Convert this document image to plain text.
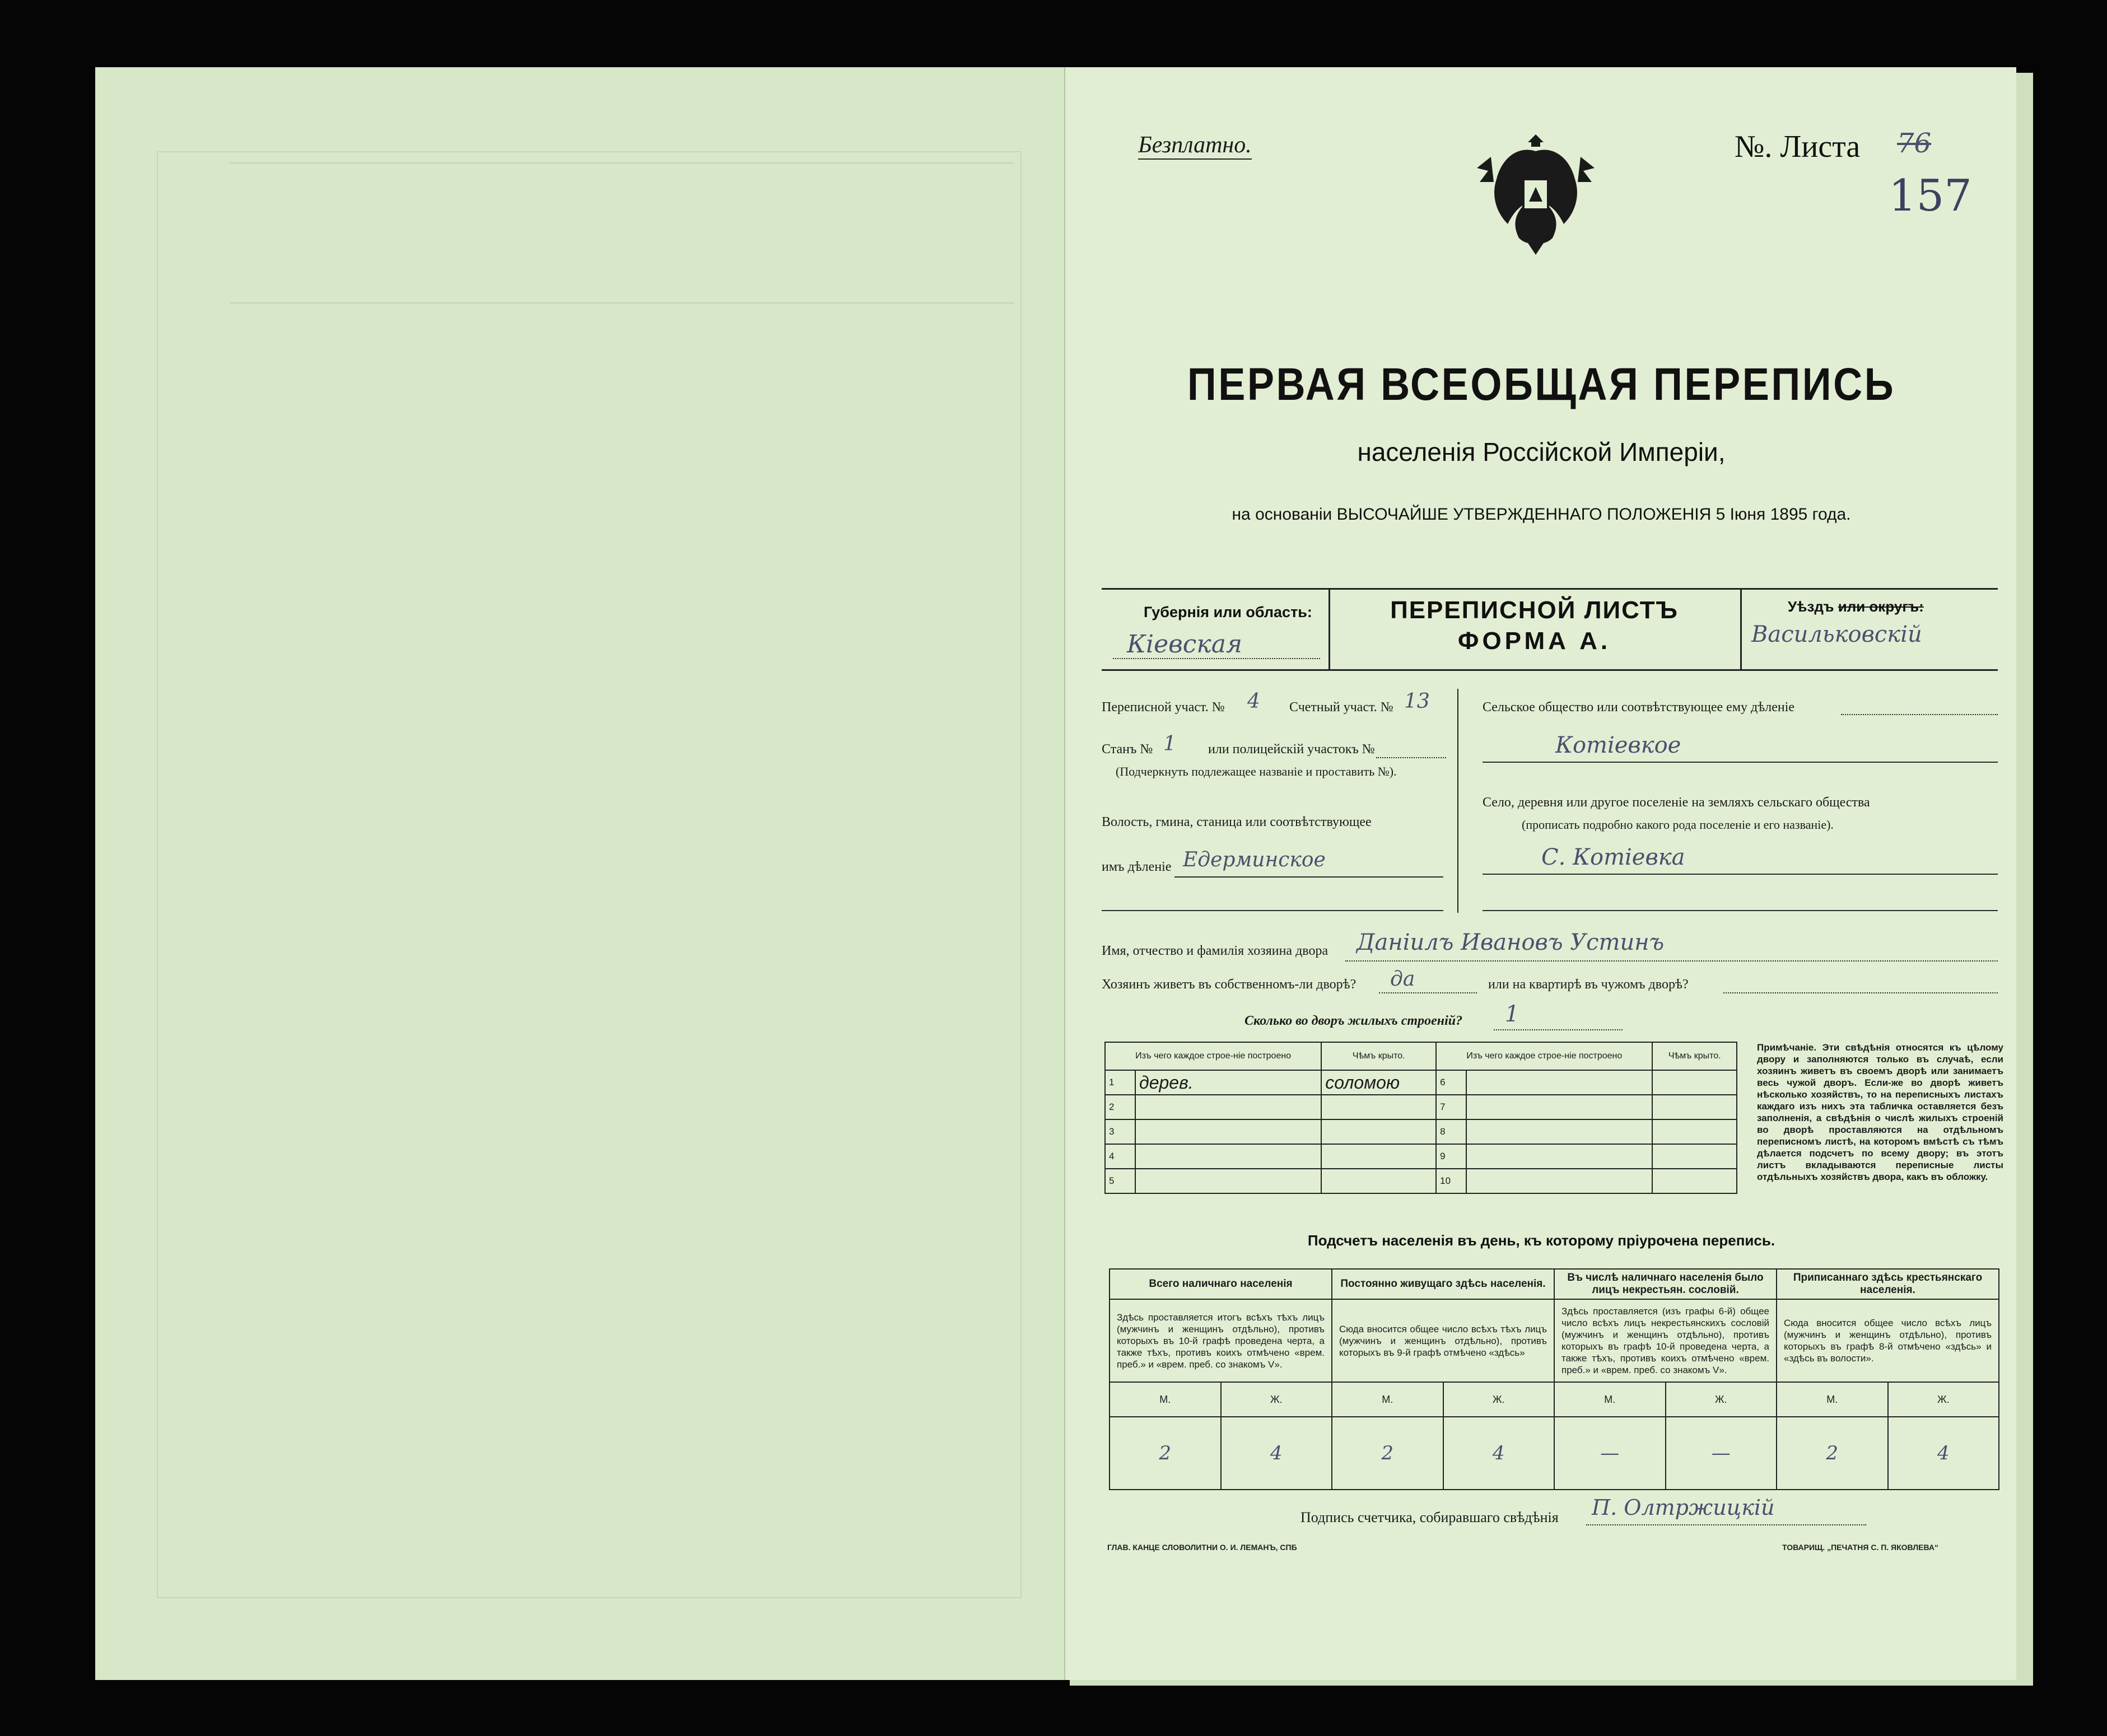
Безплатно.	№. Листа 76
157
ПЕРВАЯ ВСЕОБЩАЯ ПЕРЕПИСЬ
населенія Россійской Имперіи,
на основаніи ВЫСОЧАЙШЕ УТВЕРЖДЕННАГО ПОЛОЖЕНІЯ 5 Іюня 1895 года.
Губернія или область:
Кіевская
ПЕРЕПИСНОЙ ЛИСТЪ
ФОРМА А.
Уѣздъ или округъ:
Васильковскій
Переписной участ. № 4 Счетный участ. № 13
Станъ № 1 или полицейскій участокъ №
(Подчеркнуть подлежащее названіе и проставить №).
Волость, гмина, станица или соотвѣтствующее
имъ дѣленіе Едерминское
Сельское общество или соотвѣтствующее ему дѣленіе
Котіевкое
Село, деревня или другое поселеніе на земляхъ сельскаго общества
(прописать подробно какого рода поселеніе и его названіе).
С. Котіевка
Имя, отчество и фамилія хозяина двора Даніилъ Ивановъ Устинъ
Хозяинъ живетъ въ собственномъ-ли дворѣ? да	или на квартирѣ въ чужомъ дворѣ?
Сколько во дворъ жилыхъ строеній? 1
Изъ чего каждое строе-ніе построено		Чѣмъ крыто.	Изъ чего каждое строе-ніе построено		Чѣмъ крыто.
1	дерев.	соломою	6		
2			7		
3			8		
4			9		
5			10		
Примѣчаніе. Эти свѣдѣнія относятся къ цѣлому двору и заполняются только въ случаѣ, если хозяинъ живетъ въ своемъ дворѣ или занимаетъ весь чужой дворъ. Если-же во дворѣ живетъ нѣсколько хозяйствъ, то на переписныхъ листахъ каждаго изъ нихъ эта табличка оставляется безъ заполненія, а свѣдѣнія о числѣ жилыхъ строеній во дворѣ проставляются на отдѣльномъ переписномъ листѣ, на которомъ вмѣстѣ съ тѣмъ дѣлается подсчетъ по всему двору; въ этотъ листъ вкладываются переписные листы отдѣльныхъ хозяйствъ двора, какъ въ обложку.
Подсчетъ населенія въ день, къ которому пріурочена перепись.
Всего наличнаго населенія		Постоянно живущаго здѣсь населенія.		Въ числѣ наличнаго населенія было лицъ некрестьян. сословій.		Приписаннаго здѣсь крестьянскаго населенія.	
Здѣсь проставляется итогъ всѣхъ тѣхъ лицъ (мужчинъ и женщинъ отдѣльно), противъ которыхъ въ 10-й графѣ проведена черта, а также тѣхъ, противъ коихъ отмѣчено «врем. преб.» и «врем. преб. со знакомъ V».		Сюда вносится общее число всѣхъ тѣхъ лицъ (мужчинъ и женщинъ отдѣльно), противъ которыхъ въ 9-й графѣ отмѣчено «здѣсь»		Здѣсь проставляется (изъ графы 6-й) общее число всѣхъ лицъ некрестьянскихъ сословій (мужчинъ и женщинъ отдѣльно), противъ которыхъ въ графѣ 10-й проведена черта, а также тѣхъ, противъ коихъ отмѣчено «врем. преб.» и «врем. преб. со знакомъ V».		Сюда вносится общее число всѣхъ лицъ (мужчинъ и женщинъ отдѣльно), противъ которыхъ въ графѣ 8-й отмѣчено «здѣсь» и «здѣсь въ волости».	
М.	Ж.	М.	Ж.	М.	Ж.	М.	Ж.
2	4	2	4	—	—	2	4
Подпись счетчика, собиравшаго свѣдѣнія П. Олтржицкій
ГЛАВ. КАНЦЕ СЛОВОЛИТНИ О. И. ЛЕМАНЪ, СПБ	ТОВАРИЩ. „ПЕЧАТНЯ С. П. ЯКОВЛЕВА“
